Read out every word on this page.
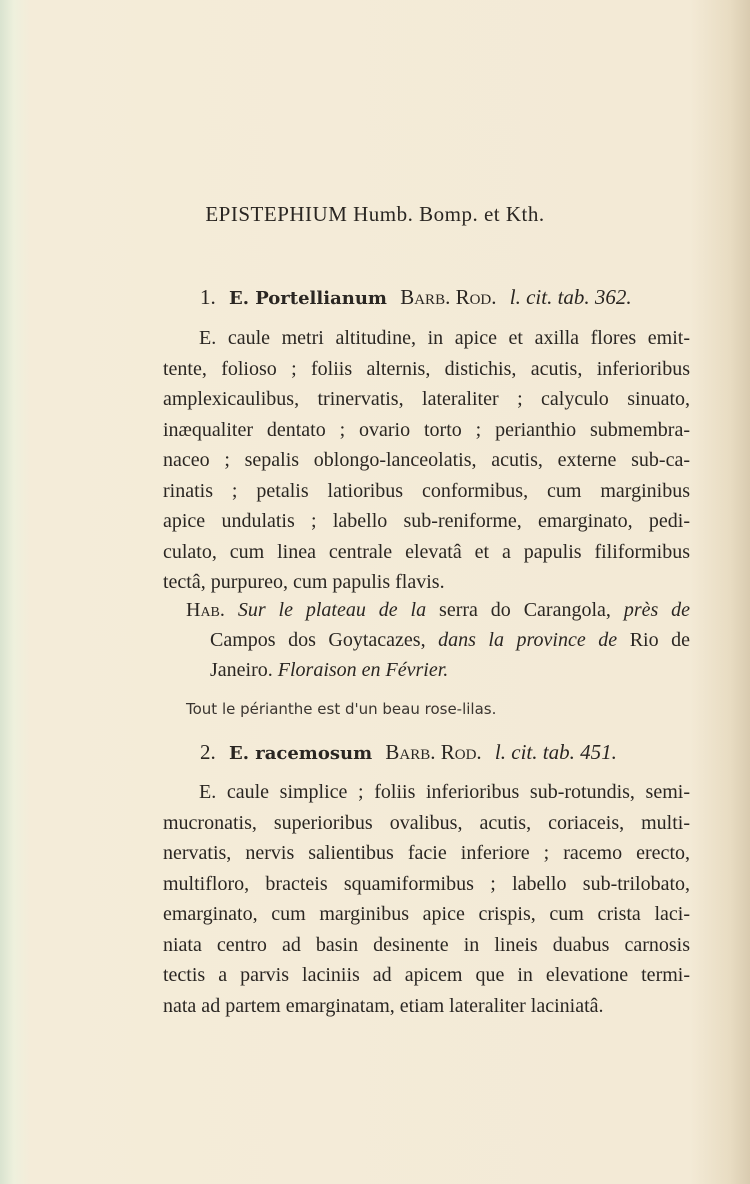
EPISTEPHIUM Humb. Bomp. et Kth.
1. E. Portellianum Barb. Rod. l. cit. tab. 362.
E. caule metri altitudine, in apice et axilla flores emit-
tente, folioso ; foliis alternis, distichis, acutis, inferioribus
amplexicaulibus, trinervatis, lateraliter ; calyculo sinuato,
inæqualiter dentato ; ovario torto ; perianthio submembra-
naceo ; sepalis oblongo-lanceolatis, acutis, externe sub-ca-
rinatis ; petalis latioribus conformibus, cum marginibus
apice undulatis ; labello sub-reniforme, emarginato, pedi-
culato, cum linea centrale elevatâ et a papulis filiformibus
tectâ, purpureo, cum papulis flavis.
Hab. Sur le plateau de la serra do Carangola, près de
Campos dos Goytacazes, dans la province de Rio de
Janeiro. Floraison en Février.
Tout le périanthe est d'un beau rose-lilas.
2. E. racemosum Barb. Rod. l. cit. tab. 451.
E. caule simplice ; foliis inferioribus sub-rotundis, semi-
mucronatis, superioribus ovalibus, acutis, coriaceis, multi-
nervatis, nervis salientibus facie inferiore ; racemo erecto,
multifloro, bracteis squamiformibus ; labello sub-trilobato,
emarginato, cum marginibus apice crispis, cum crista laci-
niata centro ad basin desinente in lineis duabus carnosis
tectis a parvis laciniis ad apicem que in elevatione termi-
nata ad partem emarginatam, etiam lateraliter laciniatâ.
